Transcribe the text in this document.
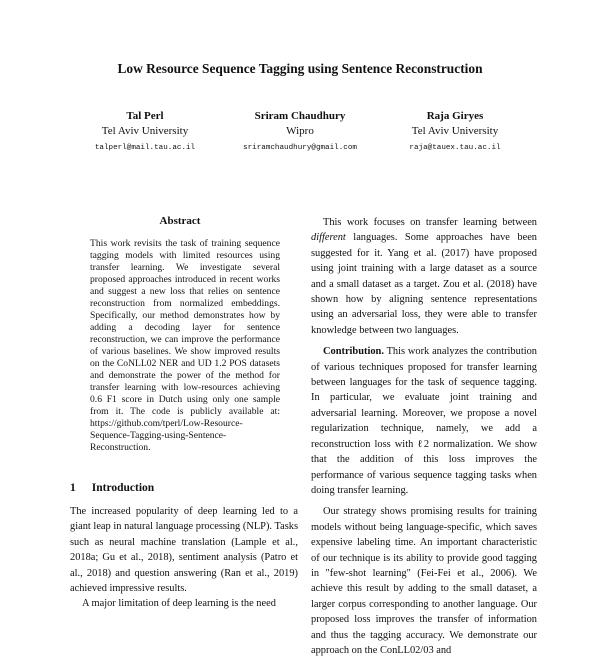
Low Resource Sequence Tagging using Sentence Reconstruction
Tal Perl
Tel Aviv University
talperl@mail.tau.ac.il
Sriram Chaudhury
Wipro
sriramchaudhury@gmail.com
Raja Giryes
Tel Aviv University
raja@tauex.tau.ac.il
Abstract
This work revisits the task of training sequence tagging models with limited resources using transfer learning. We investigate several proposed approaches introduced in recent works and suggest a new loss that relies on sentence reconstruction from normalized embeddings. Specifically, our method demonstrates how by adding a decoding layer for sentence reconstruction, we can improve the performance of various baselines. We show improved results on the CoNLL02 NER and UD 1.2 POS datasets and demonstrate the power of the method for transfer learning with low-resources achieving 0.6 F1 score in Dutch using only one sample from it. The code is publicly available at: https://github.com/tperl/Low-Resource-Sequence-Tagging-using-Sentence-Reconstruction.
1 Introduction

The increased popularity of deep learning led to a giant leap in natural language processing (NLP). Tasks such as neural machine translation (Lample et al., 2018a; Gu et al., 2018), sentiment analysis (Patro et al., 2018) and question answering (Ran et al., 2019) achieved impressive results.

A major limitation of deep learning is the need

This work focuses on transfer learning between different languages. Some approaches have been suggested for it. Yang et al. (2017) have proposed using joint training with a large dataset as a source and a small dataset as a target. Zou et al. (2018) have shown how by aligning sentence representations using an adversarial loss, they were able to transfer knowledge between two languages.

Contribution. This work analyzes the contribution of various techniques proposed for transfer learning between languages for the task of sequence tagging. In particular, we evaluate joint training and adversarial learning. Moreover, we propose a novel regularization technique, namely, we add a reconstruction loss with ℓ2 normalization. We show that the addition of this loss improves the performance of various sequence tagging tasks when doing transfer learning.

Our strategy shows promising results for training models without being language-specific, which saves expensive labeling time. An important characteristic of our technique is its ability to provide good tagging in "few-shot learning" (Fei-Fei et al., 2006). We achieve this result by adding to the small dataset, a larger corpus corresponding to another language. Our proposed loss improves the transfer of information and thus the tagging accuracy. We demonstrate our approach on the ConLL02/03 and
